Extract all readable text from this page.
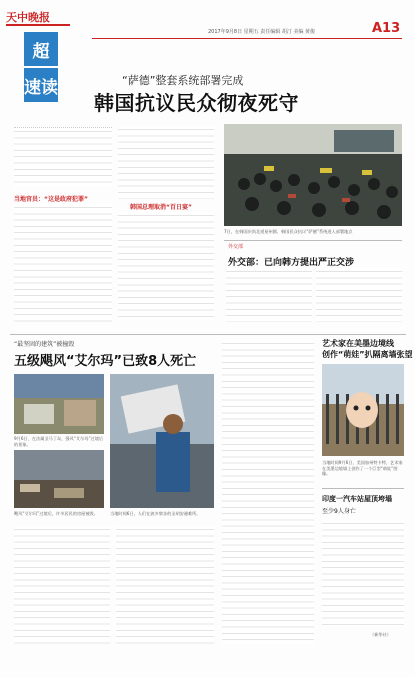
天中晚报
超
速读
2017年9月8日 星期五 责任编辑 胡汀 美编 黄俊	A13
“萨德”整套系统部署完成
韩国抗议民众彻夜死守
当地官员：“这是政府犯罪”
韩国总理取消“百日宴”
7日，在韩国庆尚北道星州郡，韩国民众抗议“萨德”系统进入部署地点
外交部
外交部：已向韩方提出严正交涉
“最坚固的建筑”被撞毁
五级飓风“艾尔玛”已致8人死亡
9月6日，在法属圣马丁岛，强风“艾尔玛”过境后的景象。
飓风“艾尔玛”过境后，许多居民的房屋被毁。	当地时间6日，人们在波多黎各的圣胡安避难所。
艺术家在美墨边境线
创作“萌娃”扒隔离墙张望
当地时间9月6日，美国加州特卡特，艺术家在美墨边境墙上创作了一个巨型“萌娃”图像。
印度一汽车站屋顶垮塌
至少9人身亡
（新华社）
